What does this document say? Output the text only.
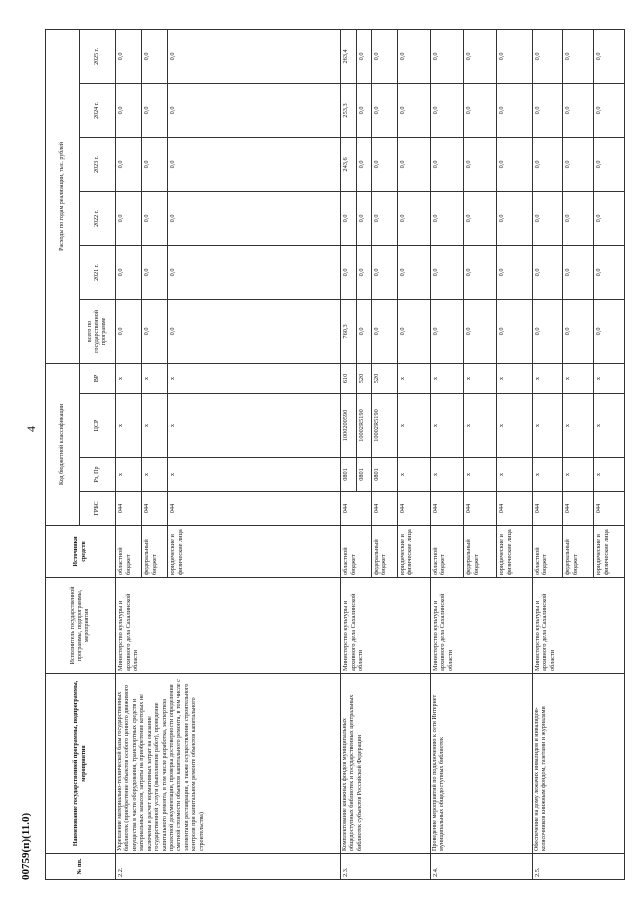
4
00759(п)(11.0)	№ пп.	Наименование государственной программы, подпрограммы, мероприятия	Исполнитель государственной программы, подпрограммы, мероприятия	Источники средств	Код бюджетной классификации				Расходы по годам реализации, тыс. рублей					
				ГРБС	Рз, Пр	ЦСР	ВР	всего по государственной программе	2021 г.	2022 г.	2023 г.	2024 г.	2025 г.
2.2.	Укрепление материально-технической базы государственных библиотек (приобретение объектов особого ценного движимого имущества в части оборудования, транспортных средств и материальных запасов, затраты на приобретение которых не включены в расчет нормативных затрат на оказание государственной услуги (выполнение работ), проведение капитального ремонта, в том числе разработка, экспертиза проектной документации, проверка достоверности определения сметной стоимости объектов капитального ремонта, в том числе с элементами реставрации, а также осуществление строительного контроля при капитальном ремонте объектов капитального строительства)	Министерство культуры и архивного дела Сахалинской области	областной бюджет	044	x	x	x	0,0	0,0	0,0	0,0	0,0	0,0
			федеральный бюджет	044	x	x	x	0,0	0,0	0,0	0,0	0,0	0,0
			юридические и физические лица	044	x	x	x	0,0	0,0	0,0	0,0	0,0	0,0
2.3.	Комплектование книжных фондов муниципальных общедоступных библиотек и государственных центральных библиотек субъектов Российской Федерации	Министерство культуры и архивного дела Сахалинской области	областной бюджет	044	0801	1000200590	610	760,3	0,0	0,0	243,6	253,3	263,4
					0801	10002R5190	520	0,0	0,0	0,0	0,0	0,0	0,0
			федеральный бюджет	044	0801	10002R5190	520	0,0	0,0	0,0	0,0	0,0	0,0
			юридические и физические лица	044	x	x	x	0,0	0,0	0,0	0,0	0,0	0,0
2.4.	Проведение мероприятий по подключению к сети Интернет муниципальных общедоступных библиотек	Министерство культуры и архивного дела Сахалинской области	областной бюджет	044	x	x	x	0,0	0,0	0,0	0,0	0,0	0,0
			федеральный бюджет	044	x	x	x	0,0	0,0	0,0	0,0	0,0	0,0
			юридические и физические лица	044	x	x	x	0,0	0,0	0,0	0,0	0,0	0,0
2.5.	Обеспечение на дому лежачих инвалидов и инвалидов-колясочников книжным фондом, газетами и журналами	Министерство культуры и архивного дела Сахалинской области	областной бюджет	044	x	x	x	0,0	0,0	0,0	0,0	0,0	0,0
			федеральный бюджет	044	x	x	x	0,0	0,0	0,0	0,0	0,0	0,0
			юридические и физические лица	044	x	x	x	0,0	0,0	0,0	0,0	0,0	0,0
